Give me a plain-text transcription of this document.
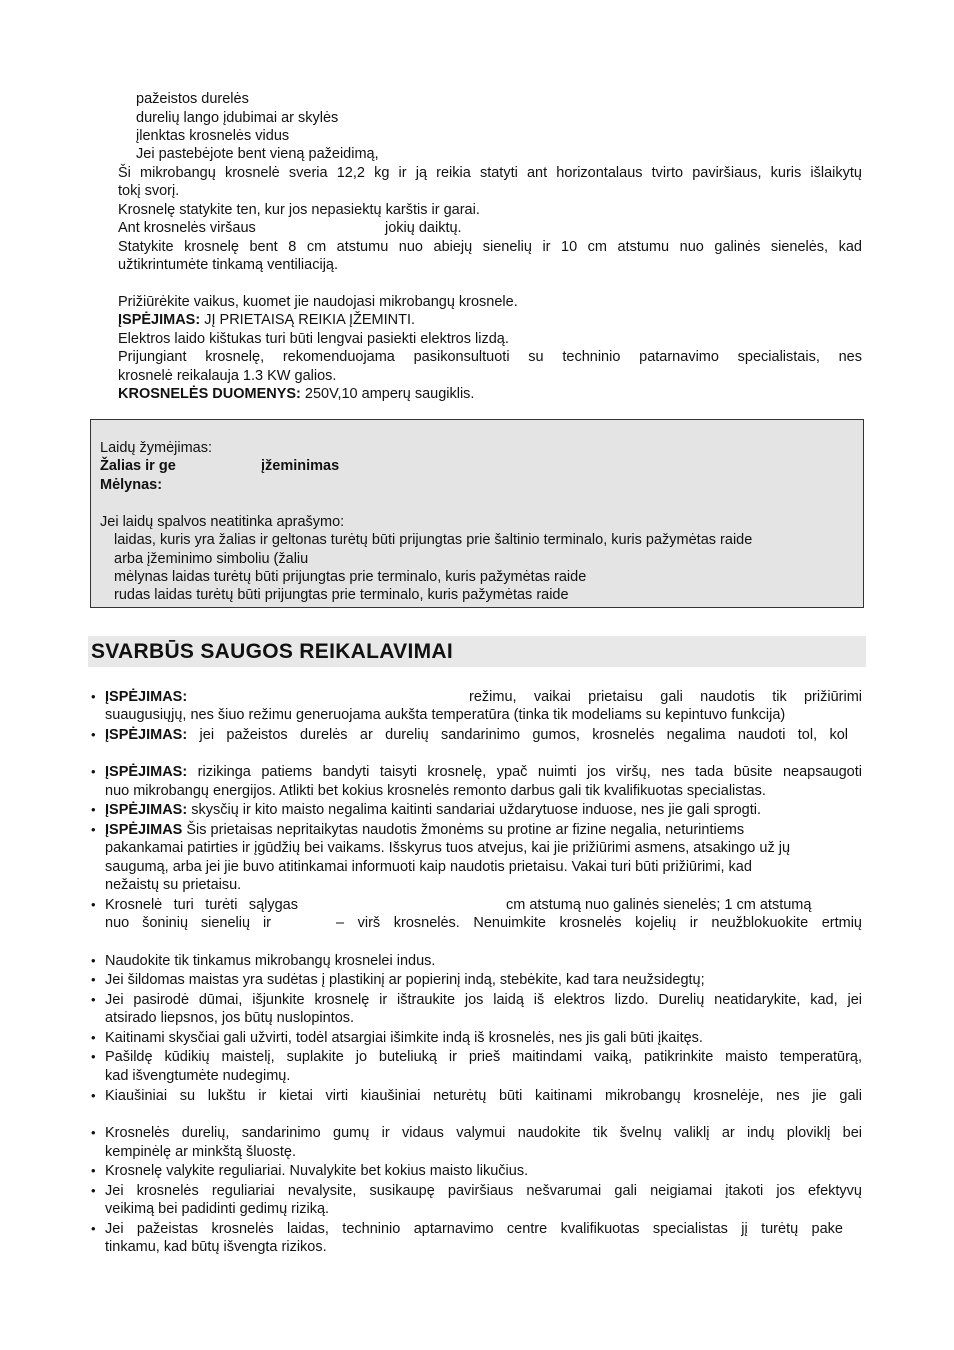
pažeistos durelės
durelių lango įdubimai ar skylės
įlenktas krosnelės vidus
Jei pastebėjote bent vieną pažeidimą,
Ši mikrobangų krosnelė sveria 12,2 kg ir ją reikia statyti ant horizontalaus tvirto paviršiaus, kuris išlaikytų
tokį svorį.
Krosnelę statykite ten, kur jos nepasiektų karštis ir garai.
Ant krosnelės viršaus	jokių daiktų.
Statykite krosnelę bent 8 cm atstumu nuo abiejų sienelių ir 10 cm atstumu nuo galinės sienelės, kad
užtikrintumėte tinkamą ventiliaciją.
Prižiūrėkite vaikus, kuomet jie naudojasi mikrobangų krosnele.
ĮSPĖJIMAS: JĮ PRIETAISĄ REIKIA ĮŽEMINTI.
Elektros laido kištukas turi būti lengvai pasiekti elektros lizdą.
Prijungiant krosnelę, rekomenduojama pasikonsultuoti su techninio patarnavimo specialistais, nes
krosnelė reikalauja 1.3 KW galios.
KROSNELĖS DUOMENYS: 250V,10 amperų saugiklis.
Laidų žymėjimas:
Žalias ir ge	įžeminimas
Mėlynas:
Jei laidų spalvos neatitinka aprašymo:
laidas, kuris yra žalias ir geltonas turėtų būti prijungtas prie šaltinio terminalo, kuris pažymėtas raide
arba įžeminimo simboliu (žaliu
mėlynas laidas turėtų būti prijungtas prie terminalo, kuris pažymėtas raide
rudas laidas turėtų būti prijungtas prie terminalo, kuris pažymėtas raide
SVARBŪS SAUGOS REIKALAVIMAI
• ĮSPĖJIMAS:	režimu, vaikai prietaisu gali naudotis tik prižiūrimi
suaugusiųjų, nes šiuo režimu generuojama aukšta temperatūra (tinka tik modeliams su kepintuvo funkcija)
• ĮSPĖJIMAS: jei pažeistos durelės ar durelių sandarinimo gumos, krosnelės negalima naudoti tol, kol
• ĮSPĖJIMAS: rizikinga patiems bandyti taisyti krosnelę, ypač nuimti jos viršų, nes tada būsite neapsaugoti
nuo mikrobangų energijos. Atlikti bet kokius krosnelės remonto darbus gali tik kvalifikuotas specialistas.
• ĮSPĖJIMAS: skysčių ir kito maisto negalima kaitinti sandariai uždarytuose induose, nes jie gali sprogti.
• ĮSPĖJIMAS Šis prietaisas nepritaikytas naudotis žmonėms su protine ar fizine negalia, neturintiems
pakankamai patirties ir įgūdžių bei vaikams. Išskyrus tuos atvejus, kai jie prižiūrimi asmens, atsakingo už jų
saugumą, arba jei jie buvo atitinkamai informuoti kaip naudotis prietaisu. Vakai turi būti prižiūrimi, kad
nežaistų su prietaisu.
• Krosnelė turi turėti sąlygas	cm atstumą nuo galinės sienelės; 1 cm atstumą
nuo šoninių sienelių ir	– virš krosnelės. Nenuimkite krosnelės kojelių ir neužblokuokite ertmių
• Naudokite tik tinkamus mikrobangų krosnelei indus.
• Jei šildomas maistas yra sudėtas į plastikinį ar popierinį indą, stebėkite, kad tara neužsidegtų;
• Jei pasirodė dūmai, išjunkite krosnelę ir ištraukite jos laidą iš elektros lizdo. Durelių neatidarykite, kad, jei
atsirado liepsnos, jos būtų nuslopintos.
• Kaitinami skysčiai gali užvirti, todėl atsargiai išimkite indą iš krosnelės, nes jis gali būti įkaitęs.
• Pašildę kūdikių maistelį, suplakite jo buteliuką ir prieš maitindami vaiką, patikrinkite maisto temperatūrą,
kad išvengtumėte nudegimų.
• Kiaušiniai su lukštu ir kietai virti kiaušiniai neturėtų būti kaitinami mikrobangų krosnelėje, nes jie gali
• Krosnelės durelių, sandarinimo gumų ir vidaus valymui naudokite tik švelnų valiklį ar indų ploviklį bei
kempinėlę ar minkštą šluostę.
• Krosnelę valykite reguliariai. Nuvalykite bet kokius maisto likučius.
• Jei krosnelės reguliariai nevalysite, susikaupę paviršiaus nešvarumai gali neigiamai įtakoti jos efektyvų
veikimą bei padidinti gedimų riziką.
• Jei pažeistas krosnelės laidas, techninio aptarnavimo centre kvalifikuotas specialistas jį turėtų pake
tinkamu, kad būtų išvengta rizikos.
